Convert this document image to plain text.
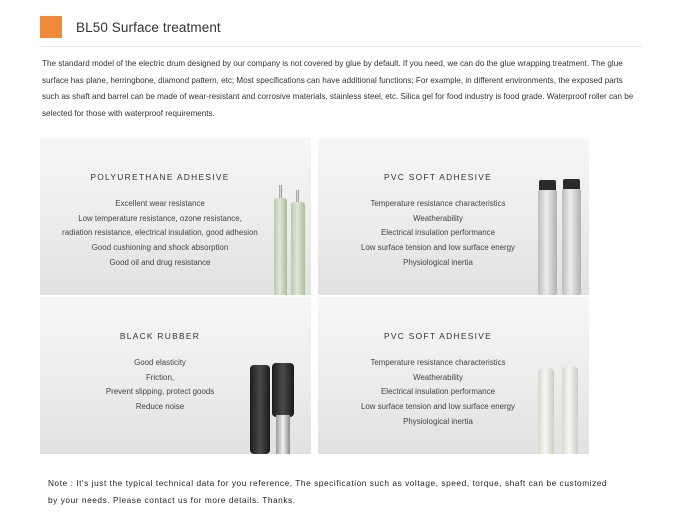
BL50 Surface treatment
The standard model of the electric drum designed by our company is not covered by glue by default. If you need, we can do the glue wrapping treatment. The glue surface has plane, herringbone, diamond pattern, etc; Most specifications can have additional functions; For example, in different environments, the exposed parts such as shaft and barrel can be made of wear-resistant and corrosive materials, stainless steel, etc. Silica gel for food industry is food grade. Waterproof roller can be selected for those with waterproof requirements.
POLYURETHANE ADHESIVE
Excellent wear resistance
Low temperature resistance, ozone resistance,
radiation resistance, electrical insulation, good adhesion
Good cushioning and shock absorption
Good oil and drug resistance
PVC SOFT ADHESIVE
Temperature resistance characteristics
Weatherability
Electrical insulation performance
Low surface tension and low surface energy
Physiological inertia
BLACK RUBBER
Good elasticity
Friction,
Prevent slipping, protect goods
Reduce noise
PVC SOFT ADHESIVE
Temperature resistance characteristics
Weatherability
Electrical insulation performance
Low surface tension and low surface energy
Physiological inertia
Note : It's just the typical technical data for you reference, The specification such as voltage, speed, torque, shaft can be customized by your needs. Please contact us for more details. Thanks.
